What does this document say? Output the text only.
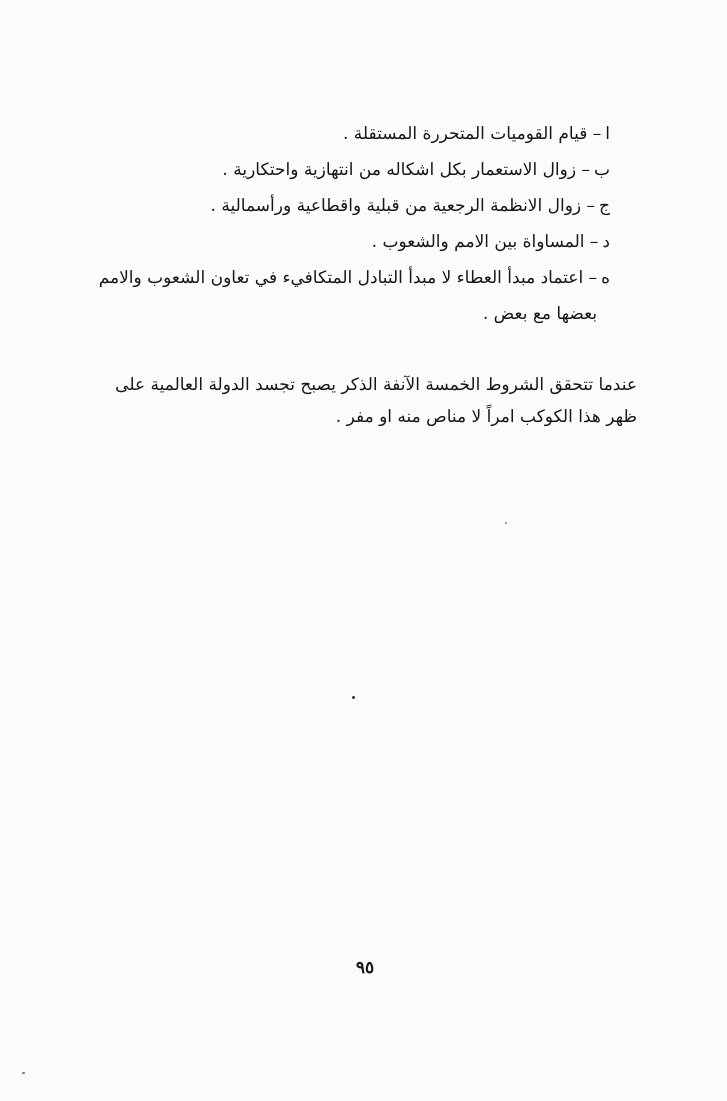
ا
– قيام القوميات المتحررة المستقلة .
ب
– زوال الاستعمار بكل اشكاله من انتهازية واحتكارية .
ج
– زوال الانظمة الرجعية من قبلية واقطاعية ورأسمالية .
د
– المساواة بين الامم والشعوب .
ه
– اعتماد مبدأ العطاء لا مبدأ التبادل المتكافيء في تعاون الشعوب والامم بعضها مع بعض .

عندما تتحقق الشروط الخمسة الآنفة الذكر يصبح تجسد الدولة العالمية على ظهر هذا الكوكب امراً لا مناص منه او مفر .

٩٥
